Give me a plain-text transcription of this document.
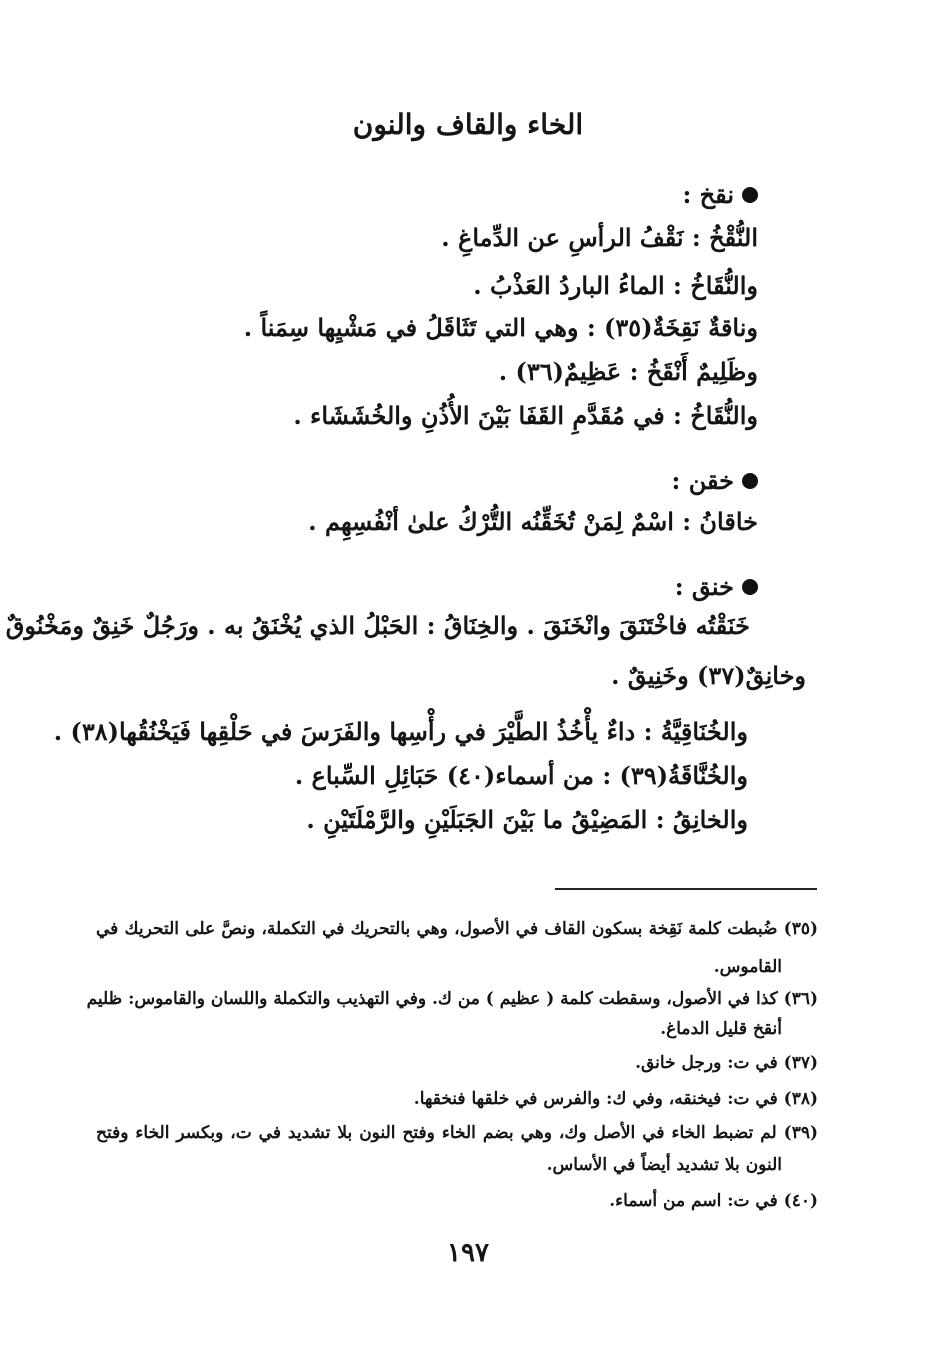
الخاء والقاف والنون
نقخ :
النُّقْخُ : نَقْفُ الرأسِ عن الدِّماغِ .
والنُّقَاخُ : الماءُ الباردُ العَذْبُ .
وناقةٌ نَقِخَةٌ(٣٥) : وهي التي تَثَاقَلُ في مَشْيِها سِمَناً .
وظَلِيمٌ أَنْقَخُ : عَظِيمٌ(٣٦) .
والنُّقَاخُ : في مُقَدَّمِ القَفَا بَيْنَ الأُذُنِ والخُشَشَاء .
خقن :
خاقانُ : اسْمٌ لِمَنْ تُخَقِّنُه التُّرْكُ علىٰ أنْفُسِهِم .
خنق :
خَنَقْتُه فاخْتَنَقَ وانْخَنَقَ . والخِنَاقُ : الحَبْلُ الذي يُخْنَقُ به . ورَجُلٌ خَنِقٌ ومَخْنُوقٌ
وخانِقٌ(٣٧) وخَنِيقٌ .
والخُنَاقِيَّةُ : داءٌ يأْخُذُ الطَّيْرَ في رأْسِها والفَرَسَ في حَلْقِها فَيَخْنُقُها(٣٨) .
والخُنَّاقَةُ(٣٩) : من أسماء(٤٠) حَبَائِلِ السِّباع .
والخانِقُ : المَضِيْقُ ما بَيْنَ الجَبَلَيْنِ والرَّمْلَتَيْنِ .
(٣٥) ضُبطت كلمة نَقِخة بسكون القاف في الأصول، وهي بالتحريك في التكملة، ونصَّ على التحريك في
القاموس.
(٣٦) كذا في الأصول، وسقطت كلمة ( عظيم ) من ك. وفي التهذيب والتكملة واللسان والقاموس: ظليم
أنقخ قليل الدماغ.
(٣٧) في ت: ورجل خانق.
(٣٨) في ت: فيخنقه، وفي ك: والفرس في خلقها فنخقها.
(٣٩) لم تضبط الخاء في الأصل وك، وهي بضم الخاء وفتح النون بلا تشديد في ت، وبكسر الخاء وفتح
النون بلا تشديد أيضاً في الأساس.
(٤٠) في ت: اسم من أسماء.
١٩٧
